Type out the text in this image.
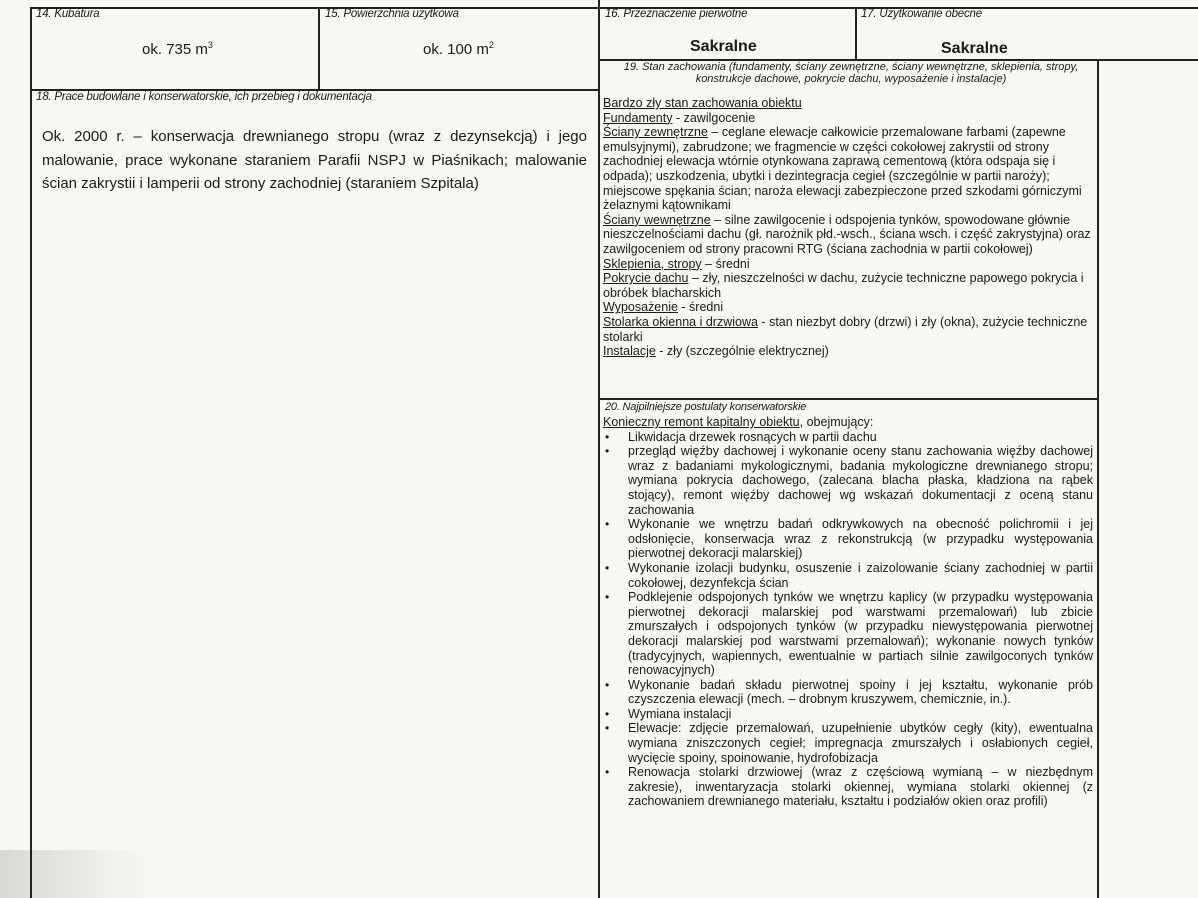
14. Kubatura
ok. 735 $m^3$
15. Powierzchnia użytkowa
ok. 100 $m^2$
16. Przeznaczenie pierwotne
Sakralne
17. Użytkowanie obecne
Sakralne
18. Prace budowlane i konserwatorskie, ich przebieg i dokumentacja
Ok. 2000 r. – konserwacja drewnianego stropu (wraz z dezynsekcją) i jego malowanie, prace wykonane staraniem Parafii NSPJ w Piaśnikach; malowanie ścian zakrystii i lamperii od strony zachodniej (staraniem Szpitala)
19. Stan zachowania (fundamenty, ściany zewnętrzne, ściany wewnętrzne, sklepienia, stropy, konstrukcje dachowe, pokrycie dachu, wyposażenie i instalacje)

Bardzo zły stan zachowania obiektu

Fundamenty - zawilgocenie

Ściany zewnętrzne – ceglane elewacje całkowicie przemalowane farbami (zapewne emulsyjnymi), zabrudzone; we fragmencie w części cokołowej zakrystii od strony zachodniej elewacja wtórnie otynkowana zaprawą cementową (która odspaja się i odpada); uszkodzenia, ubytki i dezintegracja cegieł (szczególnie w partii naroży); miejscowe spękania ścian; naroża elewacji zabezpieczone przed szkodami górniczymi żelaznymi kątownikami

Ściany wewnętrzne – silne zawilgocenie i odspojenia tynków, spowodowane głównie nieszczelnościami dachu (gł. narożnik płd.-wsch., ściana wsch. i część zakrystyjna) oraz zawilgoceniem od strony pracowni RTG (ściana zachodnia w partii cokołowej)

Sklepienia, stropy – średni

Pokrycie dachu – zły, nieszczelności w dachu, zużycie techniczne papowego pokrycia i obróbek blacharskich

Wyposażenie - średni

Stolarka okienna i drzwiowa - stan niezbyt dobry (drzwi) i zły (okna), zużycie techniczne stolarki

Instalacje - zły (szczególnie elektrycznej)

20. Najpilniejsze postulaty konserwatorskie

Konieczny remont kapitalny obiektu, obejmujący:

• Likwidacja drzewek rosnących w partii dachu
• przegląd więźby dachowej i wykonanie oceny stanu zachowania więźby dachowej wraz z badaniami mykologicznymi, badania mykologiczne drewnianego stropu; wymiana pokrycia dachowego, (zalecana blacha płaska, kładziona na rąbek stojący), remont więźby dachowej wg wskazań dokumentacji z oceną stanu zachowania
• Wykonanie we wnętrzu badań odkrywkowych na obecność polichromii i jej odsłonięcie, konserwacja wraz z rekonstrukcją (w przypadku występowania pierwotnej dekoracji malarskiej)
• Wykonanie izolacji budynku, osuszenie i zaizolowanie ściany zachodniej w partii cokołowej, dezynfekcja ścian
• Podklejenie odspojonych tynków we wnętrzu kaplicy (w przypadku występowania pierwotnej dekoracji malarskiej pod warstwami przemalowań) lub zbicie zmurszałych i odspojonych tynków (w przypadku niewystępowania pierwotnej dekoracji malarskiej pod warstwami przemalowań); wykonanie nowych tynków (tradycyjnych, wapiennych, ewentualnie w partiach silnie zawilgoconych tynków renowacyjnych)
• Wykonanie badań składu pierwotnej spoiny i jej kształtu, wykonanie prób czyszczenia elewacji (mech. – drobnym kruszywem, chemicznie, in.).
• Wymiana instalacji
• Elewacje: zdjęcie przemalowań, uzupełnienie ubytków cegły (kity), ewentualna wymiana zniszczonych cegieł; impregnacja zmurszałych i osłabionych cegieł, wycięcie spoiny, spoinowanie, hydrofobizacja
• Renowacja stolarki drzwiowej (wraz z częściową wymianą – w niezbędnym zakresie), inwentaryzacja stolarki okiennej, wymiana stolarki okiennej (z zachowaniem drewnianego materiału, kształtu i podziałów okien oraz profili)
